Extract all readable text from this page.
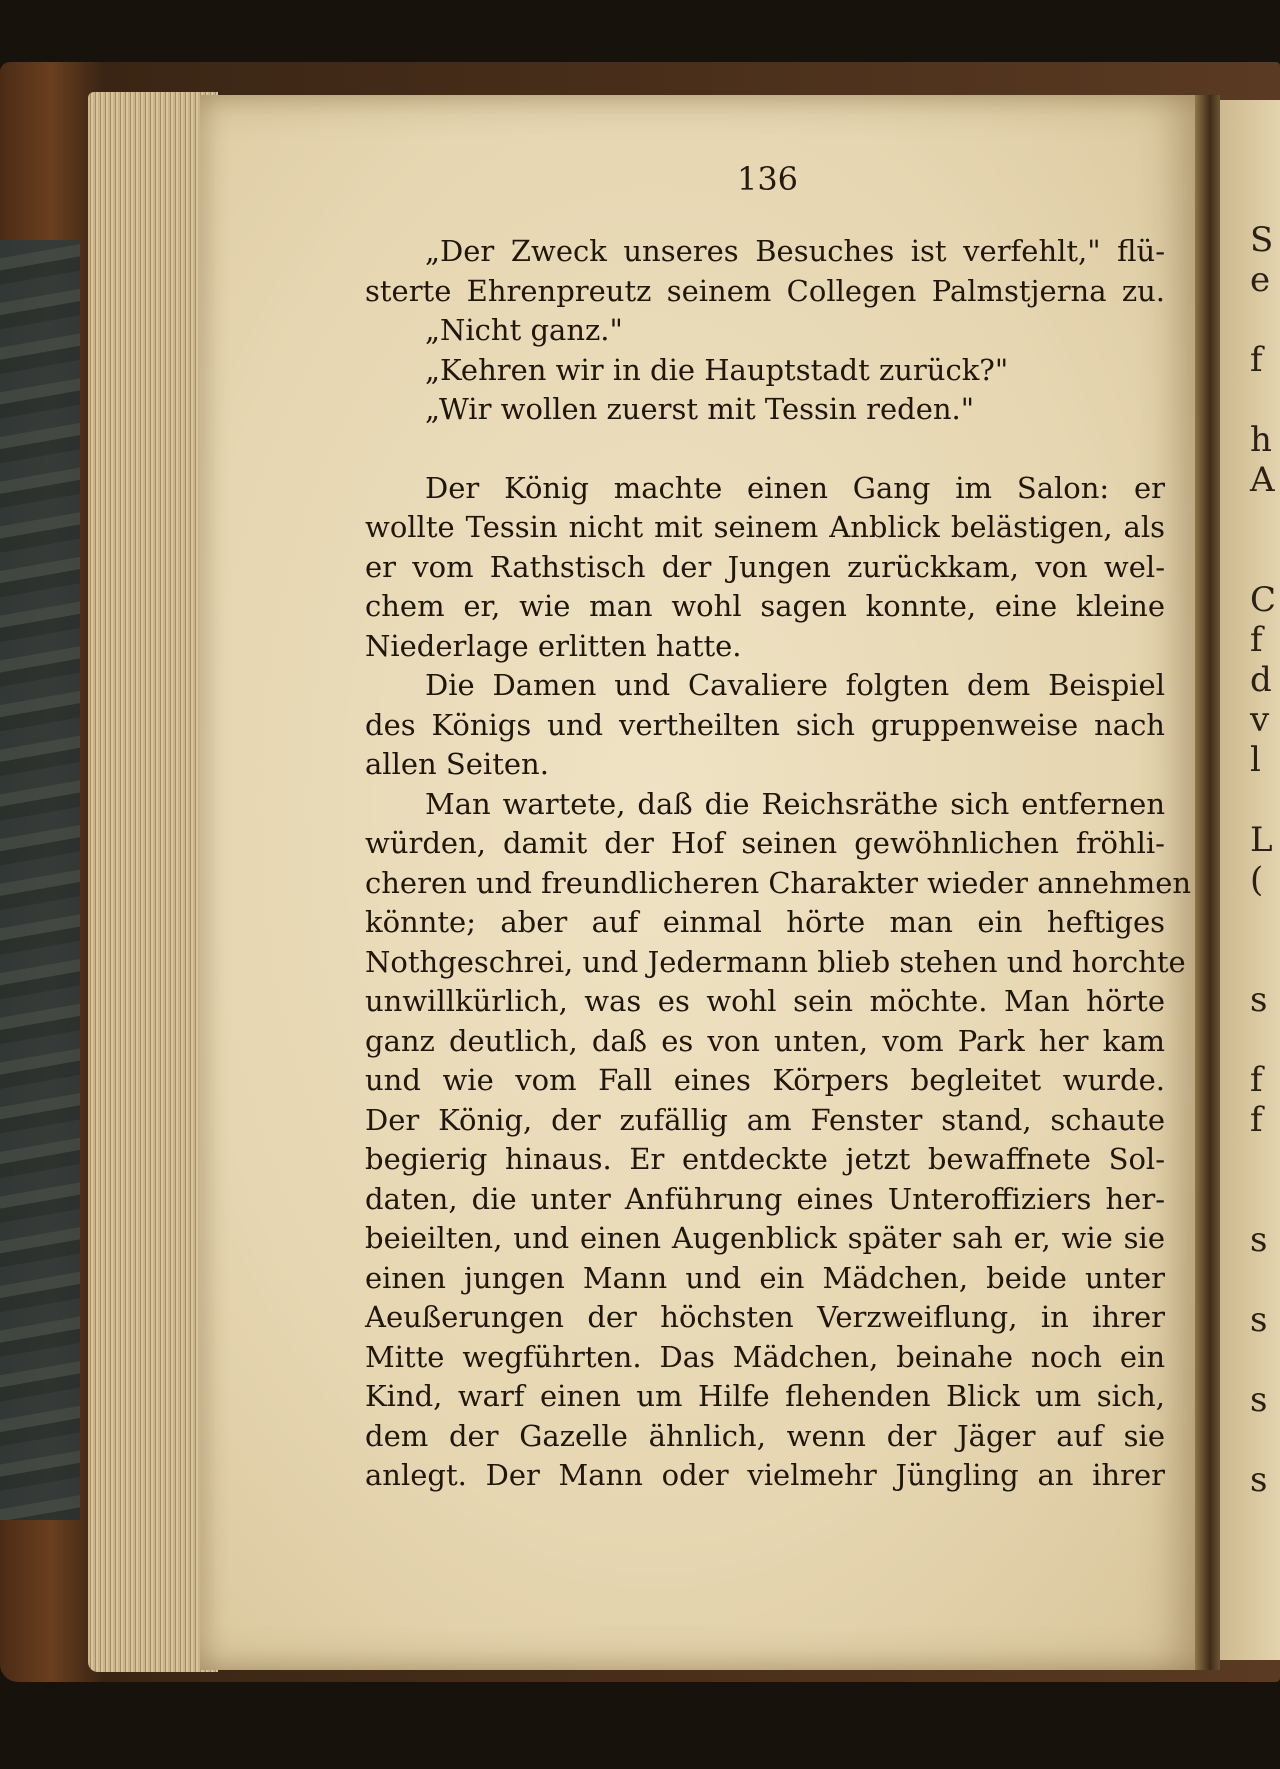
S
e
f
h
A
C
f
d
v
l
L
(
s
f
f
s
s
s
s
136
„Der Zweck unseres Besuches ist verfehlt," flü-
sterte Ehrenpreutz seinem Collegen Palmstjerna zu.
„Nicht ganz."
„Kehren wir in die Hauptstadt zurück?"
„Wir wollen zuerst mit Tessin reden."
Der König machte einen Gang im Salon: er
wollte Tessin nicht mit seinem Anblick belästigen, als
er vom Rathstisch der Jungen zurückkam, von wel-
chem er, wie man wohl sagen konnte, eine kleine
Niederlage erlitten hatte.
Die Damen und Cavaliere folgten dem Beispiel
des Königs und vertheilten sich gruppenweise nach
allen Seiten.
Man wartete, daß die Reichsräthe sich entfernen
würden, damit der Hof seinen gewöhnlichen fröhli-
cheren und freundlicheren Charakter wieder annehmen
könnte; aber auf einmal hörte man ein heftiges
Nothgeschrei, und Jedermann blieb stehen und horchte
unwillkürlich, was es wohl sein möchte. Man hörte
ganz deutlich, daß es von unten, vom Park her kam
und wie vom Fall eines Körpers begleitet wurde.
Der König, der zufällig am Fenster stand, schaute
begierig hinaus. Er entdeckte jetzt bewaffnete Sol-
daten, die unter Anführung eines Unteroffiziers her-
beieilten, und einen Augenblick später sah er, wie sie
einen jungen Mann und ein Mädchen, beide unter
Aeußerungen der höchsten Verzweiflung, in ihrer
Mitte wegführten. Das Mädchen, beinahe noch ein
Kind, warf einen um Hilfe flehenden Blick um sich,
dem der Gazelle ähnlich, wenn der Jäger auf sie
anlegt. Der Mann oder vielmehr Jüngling an ihrer
